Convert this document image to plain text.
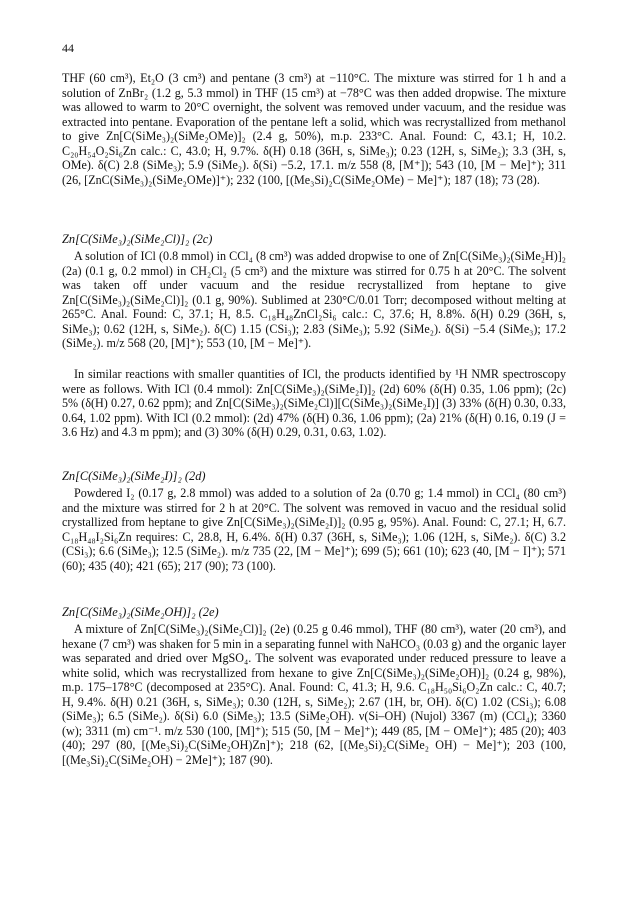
44

THF (60 cm³), Et₂O (3 cm³) and pentane (3 cm³) at −110°C. The mixture was stirred for 1 h and a solution of ZnBr₂ (1.2 g, 5.3 mmol) in THF (15 cm³) at −78°C was then added dropwise. The mixture was allowed to warm to 20°C overnight, the solvent was removed under vacuum, and the residue was extracted into pentane. Evaporation of the pentane left a solid, which was recrystallized from methanol to give Zn[C(SiMe₃)₂(SiMe₂OMe)]₂ (2.4 g, 50%), m.p. 233°C. Anal. Found: C, 43.1; H, 10.2. C₂₀H₅₄O₂Si₆Zn calc.: C, 43.0; H, 9.7%. δ(H) 0.18 (36H, s, SiMe₃); 0.23 (12H, s, SiMe₂); 3.3 (3H, s, OMe). δ(C) 2.8 (SiMe₃); 5.9 (SiMe₂). δ(Si) −5.2, 17.1. m/z 558 (8, [M⁺]); 543 (10, [M − Me]⁺); 311 (26, [ZnC(SiMe₃)₂(SiMe₂OMe)]⁺); 232 (100, [(Me₃Si)₂C(SiMe₂OMe) − Me]⁺); 187 (18); 73 (28).

Zn[C(SiMe₃)₂(SiMe₂Cl)]₂ (2c)

A solution of ICl (0.8 mmol) in CCl₄ (8 cm³) was added dropwise to one of Zn[C(SiMe₃)₂(SiMe₂H)]₂ (2a) (0.1 g, 0.2 mmol) in CH₂Cl₂ (5 cm³) and the mixture was stirred for 0.75 h at 20°C. The solvent was taken off under vacuum and the residue recrystallized from heptane to give Zn[C(SiMe₃)₂(SiMe₂Cl)]₂ (0.1 g, 90%). Sublimed at 230°C/0.01 Torr; decomposed without melting at 265°C. Anal. Found: C, 37.1; H, 8.5. C₁₈H₄₈ZnCl₂Si₆ calc.: C, 37.6; H, 8.8%. δ(H) 0.29 (36H, s, SiMe₃); 0.62 (12H, s, SiMe₂). δ(C) 1.15 (CSi₃); 2.83 (SiMe₃); 5.92 (SiMe₂). δ(Si) −5.4 (SiMe₃); 17.2 (SiMe₂). m/z 568 (20, [M]⁺); 553 (10, [M − Me]⁺).

In similar reactions with smaller quantities of ICl, the products identified by ¹H NMR spectroscopy were as follows. With ICl (0.4 mmol): Zn[C(SiMe₃)₂(SiMe₂I)]₂ (2d) 60% (δ(H) 0.35, 1.06 ppm); (2c) 5% (δ(H) 0.27, 0.62 ppm); and Zn[C(SiMe₃)₂(SiMe₂Cl)][C(SiMe₃)₂(SiMe₂I)] (3) 33% (δ(H) 0.30, 0.33, 0.64, 1.02 ppm). With ICl (0.2 mmol): (2d) 47% (δ(H) 0.36, 1.06 ppm); (2a) 21% (δ(H) 0.16, 0.19 (J = 3.6 Hz) and 4.3 m ppm); and (3) 30% (δ(H) 0.29, 0.31, 0.63, 1.02).

Zn[C(SiMe₃)₂(SiMe₂I)]₂ (2d)

Powdered I₂ (0.17 g, 2.8 mmol) was added to a solution of 2a (0.70 g; 1.4 mmol) in CCl₄ (80 cm³) and the mixture was stirred for 2 h at 20°C. The solvent was removed in vacuo and the residual solid crystallized from heptane to give Zn[C(SiMe₃)₂(SiMe₂I)]₂ (0.95 g, 95%). Anal. Found: C, 27.1; H, 6.7. C₁₈H₄₈I₂Si₆Zn requires: C, 28.8, H, 6.4%. δ(H) 0.37 (36H, s, SiMe₃); 1.06 (12H, s, SiMe₂). δ(C) 3.2 (CSi₃); 6.6 (SiMe₃); 12.5 (SiMe₂). m/z 735 (22, [M − Me]⁺); 699 (5); 661 (10); 623 (40, [M − I]⁺); 571 (60); 435 (40); 421 (65); 217 (90); 73 (100).

Zn[C(SiMe₃)₂(SiMe₂OH)]₂ (2e)

A mixture of Zn[C(SiMe₃)₂(SiMe₂Cl)]₂ (2e) (0.25 g 0.46 mmol), THF (80 cm³), water (20 cm³), and hexane (7 cm³) was shaken for 5 min in a separating funnel with NaHCO₃ (0.03 g) and the organic layer was separated and dried over MgSO₄. The solvent was evaporated under reduced pressure to leave a white solid, which was recrystallized from hexane to give Zn[C(SiMe₃)₂(SiMe₂OH)]₂ (0.24 g, 98%), m.p. 175–178°C (decomposed at 235°C). Anal. Found: C, 41.3; H, 9.6. C₁₈H₅₀Si₆O₂Zn calc.: C, 40.7; H, 9.4%. δ(H) 0.21 (36H, s, SiMe₃); 0.30 (12H, s, SiMe₂); 2.67 (1H, br, OH). δ(C) 1.02 (CSi₃); 6.08 (SiMe₃); 6.5 (SiMe₂). δ(Si) 6.0 (SiMe₃); 13.5 (SiMe₂OH). ν(Si–OH) (Nujol) 3367 (m) (CCl₄); 3360 (w); 3311 (m) cm⁻¹. m/z 530 (100, [M]⁺); 515 (50, [M − Me]⁺); 449 (85, [M − OMe]⁺); 485 (20); 403 (40); 297 (80, [(Me₃Si)₂C(SiMe₂OH)Zn]⁺); 218 (62, [(Me₃Si)₂C(SiMe₂ OH) − Me]⁺); 203 (100, [(Me₃Si)₂C(SiMe₂OH) − 2Me]⁺); 187 (90).
